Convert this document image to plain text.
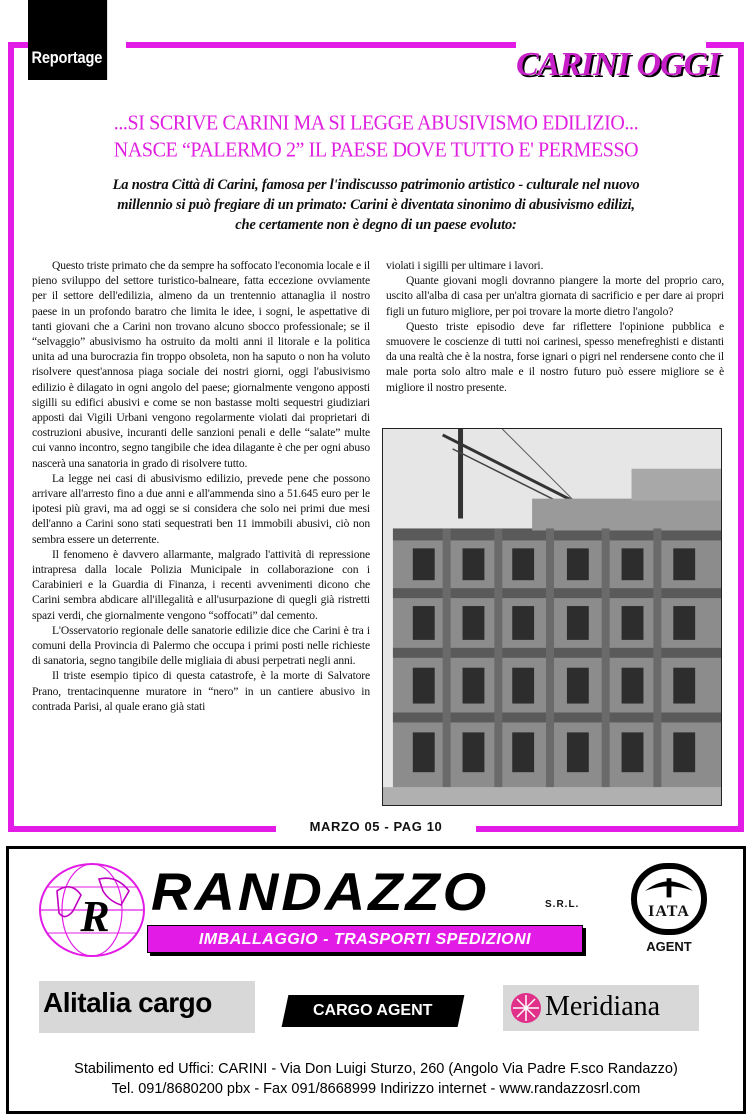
Reportage	CARINI OGGI
...SI SCRIVE CARINI MA SI LEGGE ABUSIVISMO EDILIZIO...
NASCE “PALERMO 2” IL PAESE DOVE TUTTO E' PERMESSO
La nostra Città di Carini, famosa per l'indiscusso patrimonio artistico - culturale nel nuovo
millennio si può fregiare di un primato: Carini è diventata sinonimo di abusivismo edilizi,
che certamente non è degno di un paese evoluto:

Questo triste primato che da sempre ha soffocato l'economia locale e il pieno sviluppo del settore turistico-balneare, fatta eccezione ovviamente per il settore dell'edilizia, almeno da un trentennio attanaglia il nostro paese in un profondo baratro che limita le idee, i sogni, le aspettative di tanti giovani che a Carini non trovano alcuno sbocco professionale; se il “selvaggio” abusivismo ha ostruito da molti anni il litorale e la politica unita ad una burocrazia fin troppo obsoleta, non ha saputo o non ha voluto risolvere quest'annosa piaga sociale dei nostri giorni, oggi l'abusivismo edilizio è dilagato in ogni angolo del paese; giornalmente vengono apposti sigilli su edifici abusivi e come se non bastasse molti sequestri giudiziari apposti dai Vigili Urbani vengono regolarmente violati dai proprietari di costruzioni abusive, incuranti delle sanzioni penali e delle “salate” multe cui vanno incontro, segno tangibile che idea dilagante è che per ogni abuso nascerà una sanatoria in grado di risolvere tutto.

La legge nei casi di abusivismo edilizio, prevede pene che possono arrivare all'arresto fino a due anni e all'ammenda sino a 51.645 euro per le ipotesi più gravi, ma ad oggi se si considera che solo nei primi due mesi dell'anno a Carini sono stati sequestrati ben 11 immobili abusivi, ciò non sembra essere un deterrente.

Il fenomeno è davvero allarmante, malgrado l'attività di repressione intrapresa dalla locale Polizia Municipale in collaborazione con i Carabinieri e la Guardia di Finanza, i recenti avvenimenti dicono che Carini sembra abdicare all'illegalità e all'usurpazione di quegli già ristretti spazi verdi, che giornalmente vengono “soffocati” dal cemento.

L'Osservatorio regionale delle sanatorie edilizie dice che Carini è tra i comuni della Provincia di Palermo che occupa i primi posti nelle richieste di sanatoria, segno tangibile delle migliaia di abusi perpetrati negli anni.

Il triste esempio tipico di questa catastrofe, è la morte di Salvatore Prano, trentacinquenne muratore in “nero” in un cantiere abusivo in contrada Parisi, al quale erano già stati

violati i sigilli per ultimare i lavori.

Quante giovani mogli dovranno piangere la morte del proprio caro, uscito all'alba di casa per un'altra giornata di sacrificio e per dare ai propri figli un futuro migliore, per poi trovare la morte dietro l'angolo?

Questo triste episodio deve far riflettere l'opinione pubblica e smuovere le coscienze di tutti noi carinesi, spesso menefreghisti e distanti da una realtà che è la nostra, forse ignari o pigri nel rendersene conto che il male porta solo altro male e il nostro futuro può essere migliore se è migliore il nostro presente.

MARZO 05 - PAG 10
R RANDAZZO	S.R.L.
IMBALLAGGIO - TRASPORTI SPEDIZIONI
IATA
AGENT
Alitalia cargo	CARGO AGENT	Meridiana
Stabilimento ed Uffici: CARINI - Via Don Luigi Sturzo, 260 (Angolo Via Padre F.sco Randazzo)
Tel. 091/8680200 pbx - Fax 091/8668999 Indirizzo internet - www.randazzosrl.com
